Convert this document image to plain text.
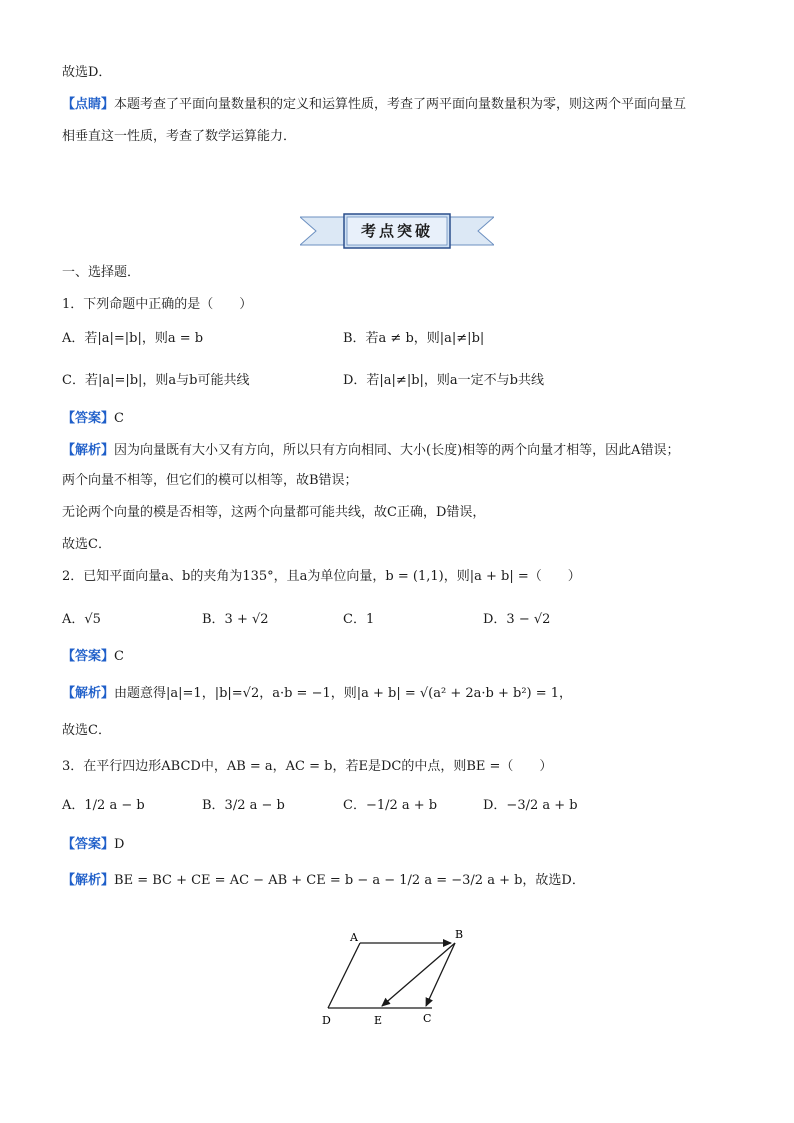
故选D．
【点睛】本题考查了平面向量数量积的定义和运算性质，考查了两平面向量数量积为零，则这两个平面向量互
相垂直这一性质，考查了数学运算能力．
考点突破
一、选择题．
1．下列命题中正确的是（　　）
A．若|a|=|b|，则a = b	B．若a ≠ b，则|a|≠|b|
C．若|a|=|b|，则a与b可能共线	D．若|a|≠|b|，则a一定不与b共线
【答案】C
【解析】因为向量既有大小又有方向，所以只有方向相同、大小(长度)相等的两个向量才相等，因此A错误；
两个向量不相等，但它们的模可以相等，故B错误；
无论两个向量的模是否相等，这两个向量都可能共线，故C正确，D错误，
故选C．
2．已知平面向量a、b的夹角为135°，且a为单位向量，b = (1,1)，则|a + b| =（　　）
A．√5	B．3 + √2	C．1	D．3 − √2
【答案】C
【解析】由题意得|a|=1，|b|=√2，a·b = −1，则|a + b| = √(a² + 2a·b + b²) = 1，
故选C．
3．在平行四边形ABCD中，AB = a，AC = b，若E是DC的中点，则BE =（　　）
A．1/2 a − b	B．3/2 a − b	C．−1/2 a + b	D．−3/2 a + b
【答案】D
【解析】BE = BC + CE = AC − AB + CE = b − a − 1/2 a = −3/2 a + b，故选D．
A	B
C
D	E
